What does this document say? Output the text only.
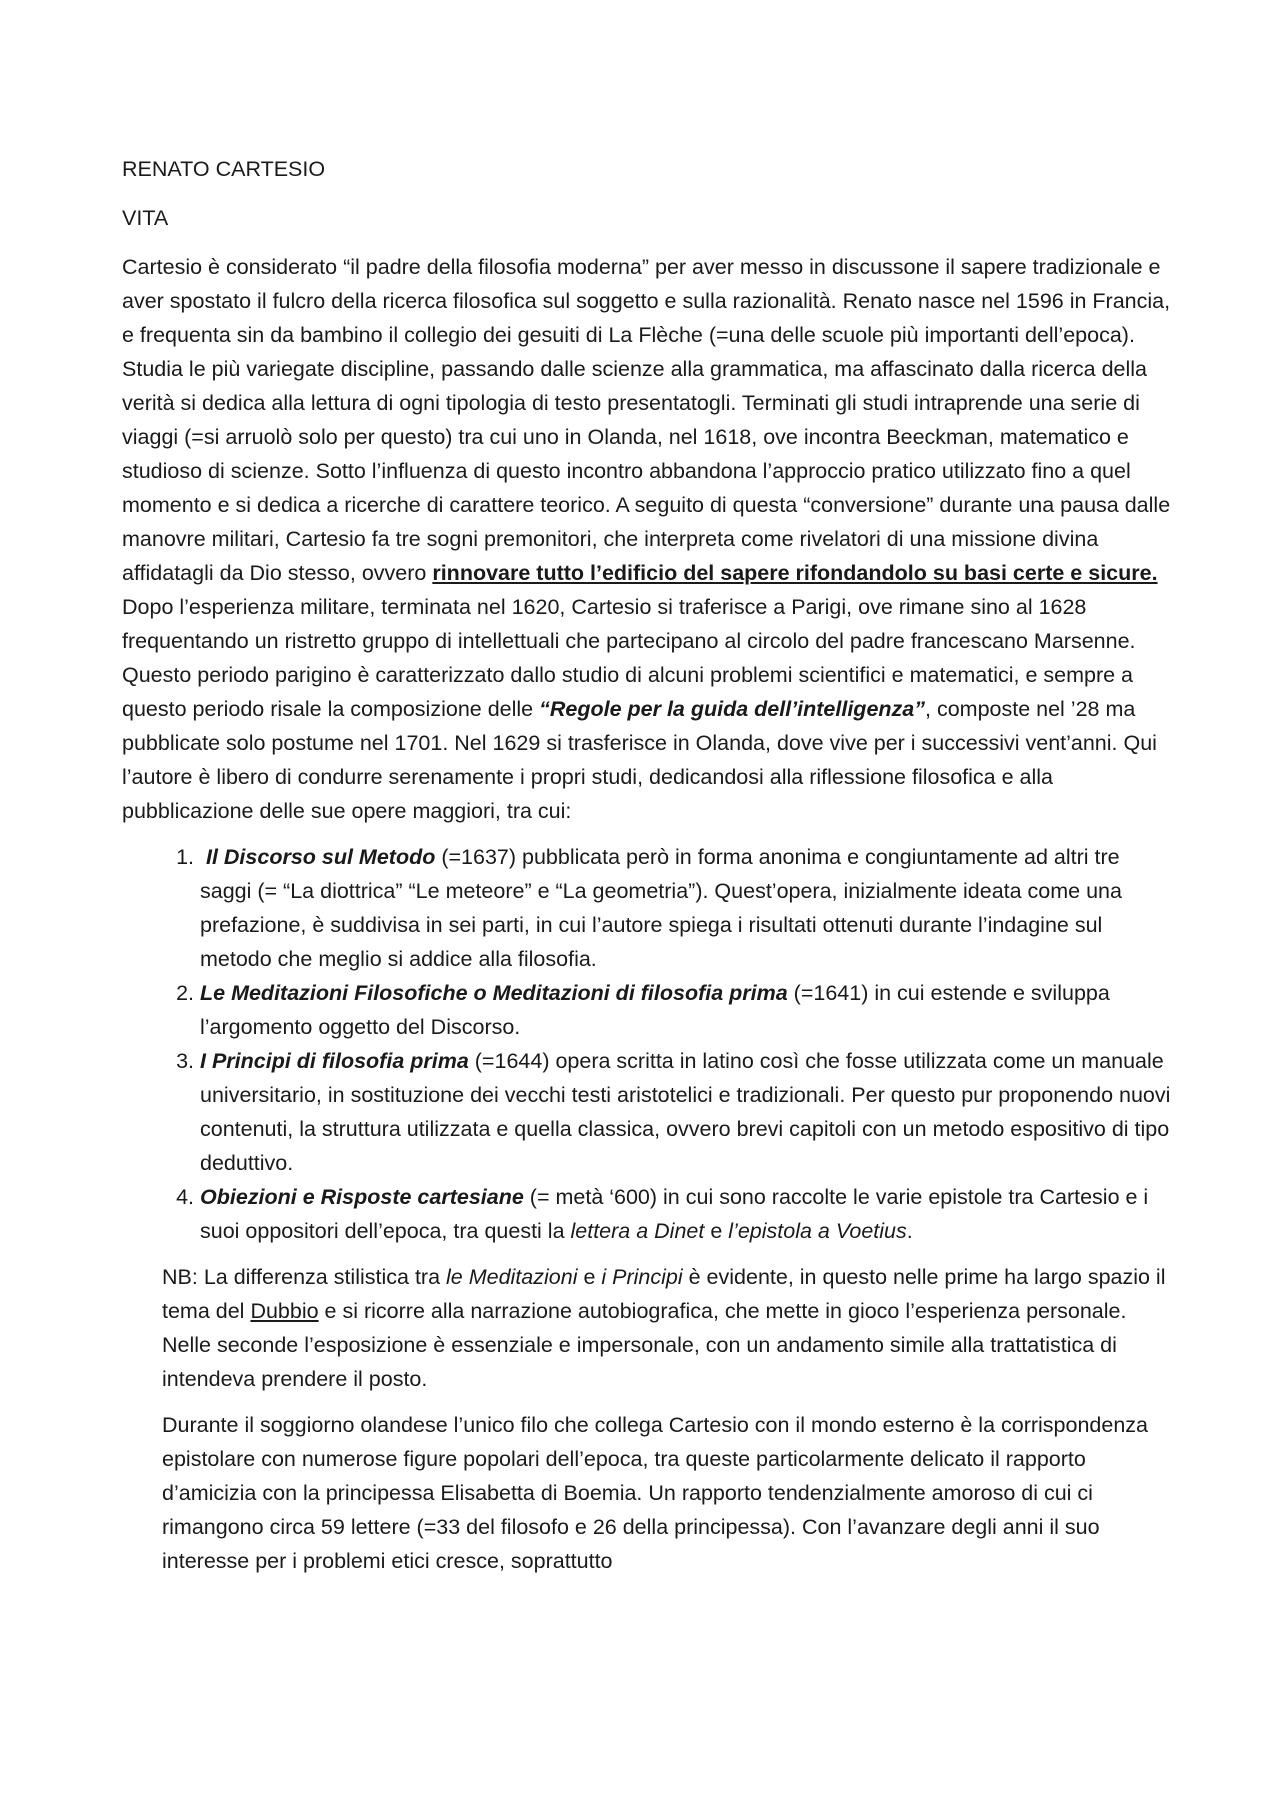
RENATO CARTESIO

VITA

Cartesio è considerato “il padre della filosofia moderna” per aver messo in discussone il sapere tradizionale e aver spostato il fulcro della ricerca filosofica sul soggetto e sulla razionalità. Renato nasce nel 1596 in Francia, e frequenta sin da bambino il collegio dei gesuiti di La Flèche (=una delle scuole più importanti dell’epoca). Studia le più variegate discipline, passando dalle scienze alla grammatica, ma affascinato dalla ricerca della verità si dedica alla lettura di ogni tipologia di testo presentatogli. Terminati gli studi intraprende una serie di viaggi (=si arruolò solo per questo) tra cui uno in Olanda, nel 1618, ove incontra Beeckman, matematico e studioso di scienze. Sotto l’influenza di questo incontro abbandona l’approccio pratico utilizzato fino a quel momento e si dedica a ricerche di carattere teorico. A seguito di questa “conversione” durante una pausa dalle manovre militari, Cartesio fa tre sogni premonitori, che interpreta come rivelatori di una missione divina affidatagli da Dio stesso, ovvero rinnovare tutto l’edificio del sapere rifondandolo su basi certe e sicure. Dopo l’esperienza militare, terminata nel 1620, Cartesio si traferisce a Parigi, ove rimane sino al 1628 frequentando un ristretto gruppo di intellettuali che partecipano al circolo del padre francescano Marsenne. Questo periodo parigino è caratterizzato dallo studio di alcuni problemi scientifici e matematici, e sempre a questo periodo risale la composizione delle “Regole per la guida dell’intelligenza”, composte nel ’28 ma pubblicate solo postume nel 1701. Nel 1629 si trasferisce in Olanda, dove vive per i successivi vent’anni. Qui l’autore è libero di condurre serenamente i propri studi, dedicandosi alla riflessione filosofica e alla pubblicazione delle sue opere maggiori, tra cui:

1. Il Discorso sul Metodo (=1637) pubblicata però in forma anonima e congiuntamente ad altri tre saggi (= “La diottrica” “Le meteore” e “La geometria”). Quest’opera, inizialmente ideata come una prefazione, è suddivisa in sei parti, in cui l’autore spiega i risultati ottenuti durante l’indagine sul metodo che meglio si addice alla filosofia.
2. Le Meditazioni Filosofiche o Meditazioni di filosofia prima (=1641) in cui estende e sviluppa l’argomento oggetto del Discorso.
3. I Principi di filosofia prima (=1644) opera scritta in latino così che fosse utilizzata come un manuale universitario, in sostituzione dei vecchi testi aristotelici e tradizionali. Per questo pur proponendo nuovi contenuti, la struttura utilizzata e quella classica, ovvero brevi capitoli con un metodo espositivo di tipo deduttivo.
4. Obiezioni e Risposte cartesiane (= metà ‘600) in cui sono raccolte le varie epistole tra Cartesio e i suoi oppositori dell’epoca, tra questi la lettera a Dinet e l’epistola a Voetius.

NB: La differenza stilistica tra le Meditazioni e i Principi è evidente, in questo nelle prime ha largo spazio il tema del Dubbio e si ricorre alla narrazione autobiografica, che mette in gioco l’esperienza personale. Nelle seconde l’esposizione è essenziale e impersonale, con un andamento simile alla trattatistica di intendeva prendere il posto.

Durante il soggiorno olandese l’unico filo che collega Cartesio con il mondo esterno è la corrispondenza epistolare con numerose figure popolari dell’epoca, tra queste particolarmente delicato il rapporto d’amicizia con la principessa Elisabetta di Boemia. Un rapporto tendenzialmente amoroso di cui ci rimangono circa 59 lettere (=33 del filosofo e 26 della principessa). Con l’avanzare degli anni il suo interesse per i problemi etici cresce, soprattutto
